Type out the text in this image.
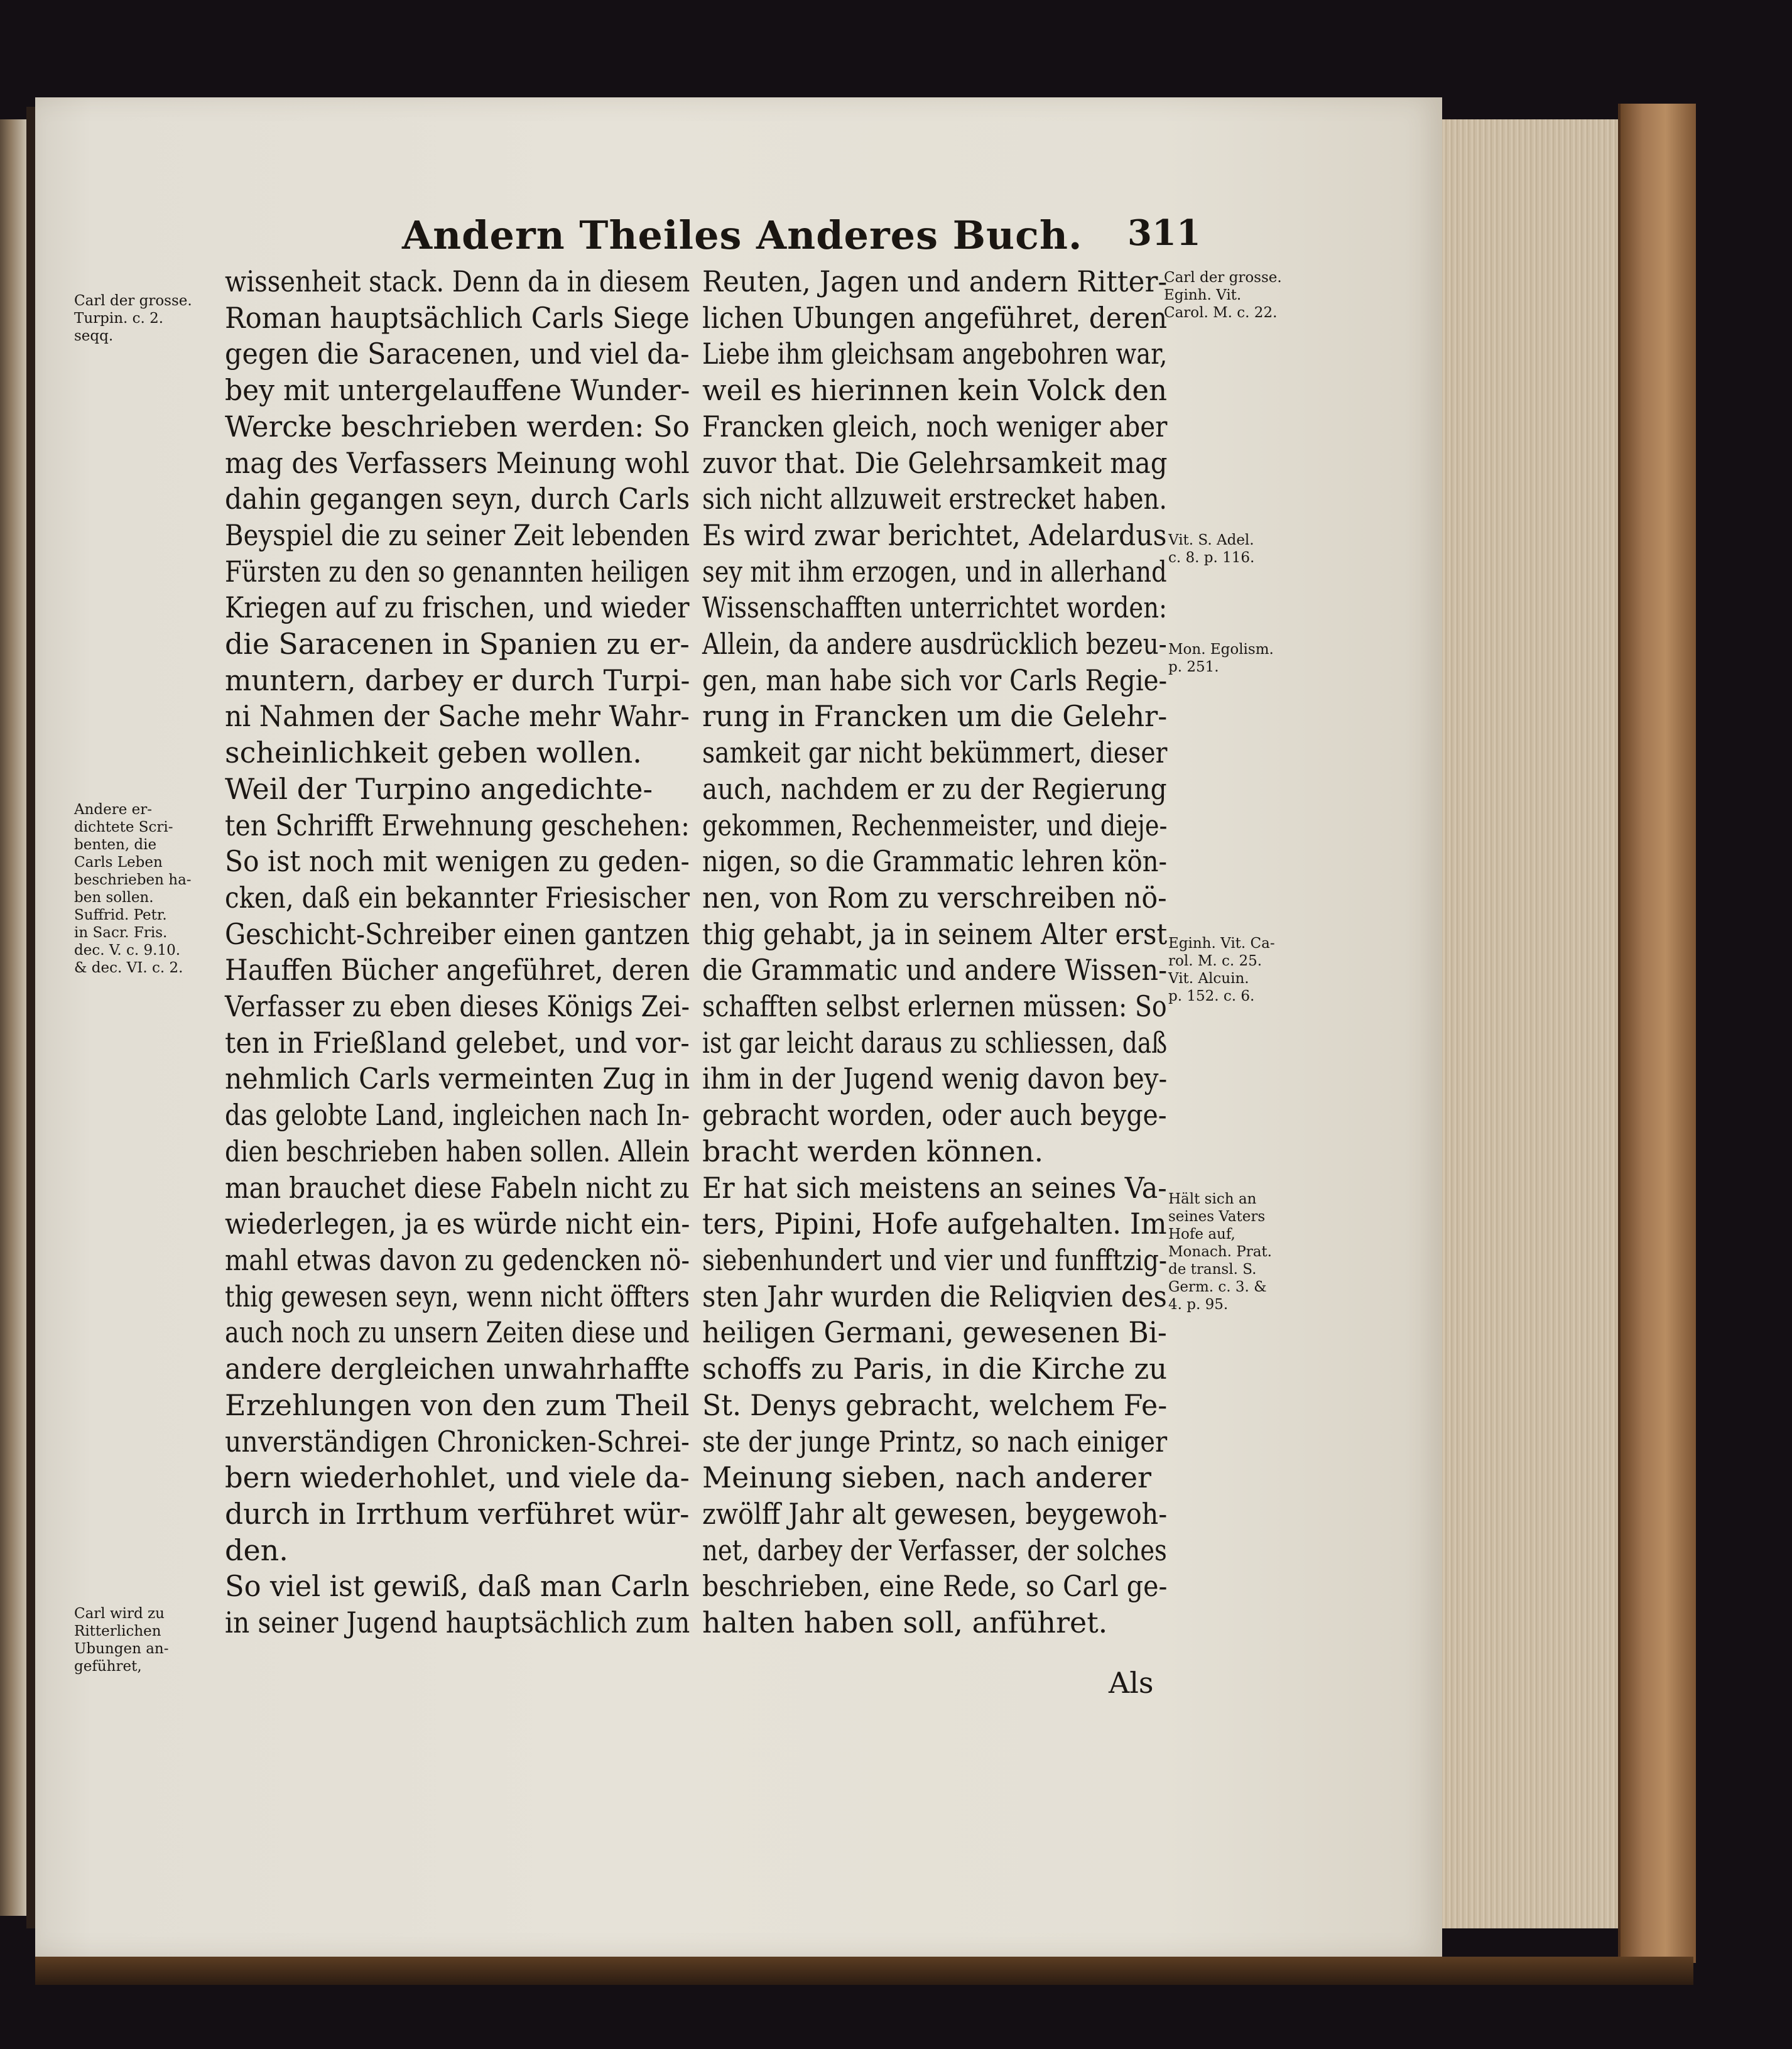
Andern Theiles Anderes Buch. 311
wissenheit stack. Denn da in diesem
Roman hauptsächlich Carls Siege
gegen die Saracenen, und viel da-
bey mit untergelauffene Wunder-
Wercke beschrieben werden: So
mag des Verfassers Meinung wohl
dahin gegangen seyn, durch Carls
Beyspiel die zu seiner Zeit lebenden
Fürsten zu den so genannten heiligen
Kriegen auf zu frischen, und wieder
die Saracenen in Spanien zu er-
muntern, darbey er durch Turpi-
ni Nahmen der Sache mehr Wahr-
scheinlichkeit geben wollen.
Weil der Turpino angedichte-
ten Schrifft Erwehnung geschehen:
So ist noch mit wenigen zu geden-
cken, daß ein bekannter Friesischer
Geschicht-Schreiber einen gantzen
Hauffen Bücher angeführet, deren
Verfasser zu eben dieses Königs Zei-
ten in Frießland gelebet, und vor-
nehmlich Carls vermeinten Zug in
das gelobte Land, ingleichen nach In-
dien beschrieben haben sollen. Allein
man brauchet diese Fabeln nicht zu
wiederlegen, ja es würde nicht ein-
mahl etwas davon zu gedencken nö-
thig gewesen seyn, wenn nicht öffters
auch noch zu unsern Zeiten diese und
andere dergleichen unwahrhaffte
Erzehlungen von den zum Theil
unverständigen Chronicken-Schrei-
bern wiederhohlet, und viele da-
durch in Irrthum verführet wür-
den.
So viel ist gewiß, daß man Carln
in seiner Jugend hauptsächlich zum
Reuten, Jagen und andern Ritter-
lichen Ubungen angeführet, deren
Liebe ihm gleichsam angebohren war,
weil es hierinnen kein Volck den
Francken gleich, noch weniger aber
zuvor that. Die Gelehrsamkeit mag
sich nicht allzuweit erstrecket haben.
Es wird zwar berichtet, Adelardus
sey mit ihm erzogen, und in allerhand
Wissenschafften unterrichtet worden:
Allein, da andere ausdrücklich bezeu-
gen, man habe sich vor Carls Regie-
rung in Francken um die Gelehr-
samkeit gar nicht bekümmert, dieser
auch, nachdem er zu der Regierung
gekommen, Rechenmeister, und dieje-
nigen, so die Grammatic lehren kön-
nen, von Rom zu verschreiben nö-
thig gehabt, ja in seinem Alter erst
die Grammatic und andere Wissen-
schafften selbst erlernen müssen: So
ist gar leicht daraus zu schliessen, daß
ihm in der Jugend wenig davon bey-
gebracht worden, oder auch beyge-
bracht werden können.
Er hat sich meistens an seines Va-
ters, Pipini, Hofe aufgehalten. Im
siebenhundert und vier und funfftzig-
sten Jahr wurden die Reliqvien des
heiligen Germani, gewesenen Bi-
schoffs zu Paris, in die Kirche zu
St. Denys gebracht, welchem Fe-
ste der junge Printz, so nach einiger
Meinung sieben, nach anderer
zwölff Jahr alt gewesen, beygewoh-
net, darbey der Verfasser, der solches
beschrieben, eine Rede, so Carl ge-
halten haben soll, anführet.
Carl der grosse.
Turpin. c. 2.
seqq.
Andere er-
dichtete Scri-
benten, die
Carls Leben
beschrieben ha-
ben sollen.
Suffrid. Petr.
in Sacr. Fris.
dec. V. c. 9.10.
& dec. VI. c. 2.
Carl wird zu
Ritterlichen
Ubungen an-
geführet,
Carl der grosse.
Eginh. Vit.
Carol. M. c. 22.
Vit. S. Adel.
c. 8. p. 116.
Mon. Egolism.
p. 251.
Eginh. Vit. Ca-
rol. M. c. 25.
Vit. Alcuin.
p. 152. c. 6.
Hält sich an
seines Vaters
Hofe auf,
Monach. Prat.
de transl. S.
Germ. c. 3. &
4. p. 95.
Als
